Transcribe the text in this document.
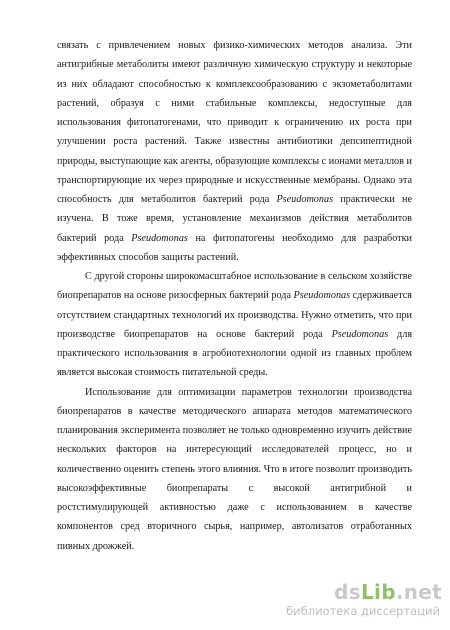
связать с привлечением новых физико-химических методов анализа. Эти антигрибные метаболиты имеют различную химическую структуру и некоторые из них обладают способностью к комплексообразованию с экзометаболитами растений, образуя с ними стабильные комплексы, недоступные для использования фитопатогенами, что приводит к ограничению их роста при улучшении роста растений. Также известны антибиотики депсипептидной природы, выступающие как агенты, образующие комплексы с ионами металлов и транспортирующие их через природные и искусственные мембраны. Однако эта способность для метаболитов бактерий рода Pseudomonas практически не изучена. В тоже время, установление механизмов действия метаболитов бактерий рода Pseudomonas на фитопатогены необходимо для разработки эффективных способов защиты растений.

С другой стороны широкомасштабное использование в сельском хозяйстве биопрепаратов на основе ризосферных бактерий рода Pseudomonas сдерживается отсутствием стандартных технологий их производства. Нужно отметить, что при производстве биопрепаратов на основе бактерий рода Pseudomonas для практического использования в агробиотехнологии одной из главных проблем является высокая стоимость питательной среды.

Использование для оптимизации параметров технологии производства биопрепаратов в качестве методического аппарата методов математического планирования эксперимента позволяет не только одновременно изучить действие нескольких факторов на интересующий исследователей процесс, но и количественно оценить степень этого влияния. Что в итоге позволит производить высокоэффективные биопрепараты с высокой антигрибной и ростстимулирующей активностью даже с использованием в качестве компонентов сред вторичного сырья, например, автолизатов отработанных пивных дрожжей.

dsLib.net
библиотека диссертаций
